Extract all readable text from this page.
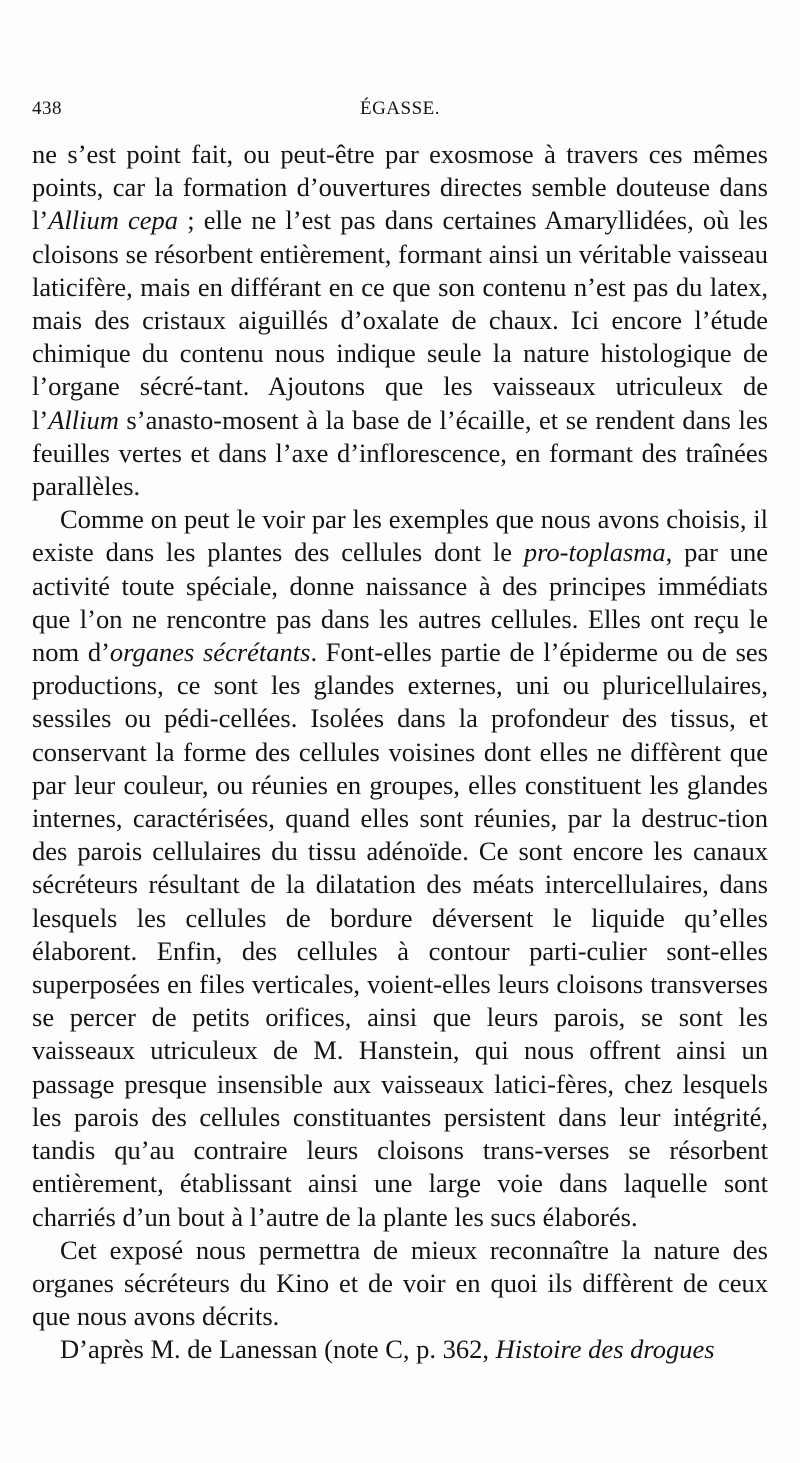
438	ÉGASSE.

ne s’est point fait, ou peut-être par exosmose à travers ces mêmes points, car la formation d’ouvertures directes semble douteuse dans l’Allium cepa ; elle ne l’est pas dans certaines Amaryllidées, où les cloisons se résorbent entièrement, formant ainsi un véritable vaisseau laticifère, mais en différant en ce que son contenu n’est pas du latex, mais des cristaux aiguillés d’oxalate de chaux. Ici encore l’étude chimique du contenu nous indique seule la nature histologique de l’organe sécré-tant. Ajoutons que les vaisseaux utriculeux de l’Allium s’anasto-mosent à la base de l’écaille, et se rendent dans les feuilles vertes et dans l’axe d’inflorescence, en formant des traînées parallèles.

Comme on peut le voir par les exemples que nous avons choisis, il existe dans les plantes des cellules dont le pro-toplasma, par une activité toute spéciale, donne naissance à des principes immédiats que l’on ne rencontre pas dans les autres cellules. Elles ont reçu le nom d’organes sécrétants. Font-elles partie de l’épiderme ou de ses productions, ce sont les glandes externes, uni ou pluricellulaires, sessiles ou pédi-cellées. Isolées dans la profondeur des tissus, et conservant la forme des cellules voisines dont elles ne diffèrent que par leur couleur, ou réunies en groupes, elles constituent les glandes internes, caractérisées, quand elles sont réunies, par la destruc-tion des parois cellulaires du tissu adénoïde. Ce sont encore les canaux sécréteurs résultant de la dilatation des méats intercellulaires, dans lesquels les cellules de bordure déversent le liquide qu’elles élaborent. Enfin, des cellules à contour parti-culier sont-elles superposées en files verticales, voient-elles leurs cloisons transverses se percer de petits orifices, ainsi que leurs parois, se sont les vaisseaux utriculeux de M. Hanstein, qui nous offrent ainsi un passage presque insensible aux vaisseaux latici-fères, chez lesquels les parois des cellules constituantes persistent dans leur intégrité, tandis qu’au contraire leurs cloisons trans-verses se résorbent entièrement, établissant ainsi une large voie dans laquelle sont charriés d’un bout à l’autre de la plante les sucs élaborés.

Cet exposé nous permettra de mieux reconnaître la nature des organes sécréteurs du Kino et de voir en quoi ils diffèrent de ceux que nous avons décrits.

D’après M. de Lanessan (note C, p. 362, Histoire des drogues
